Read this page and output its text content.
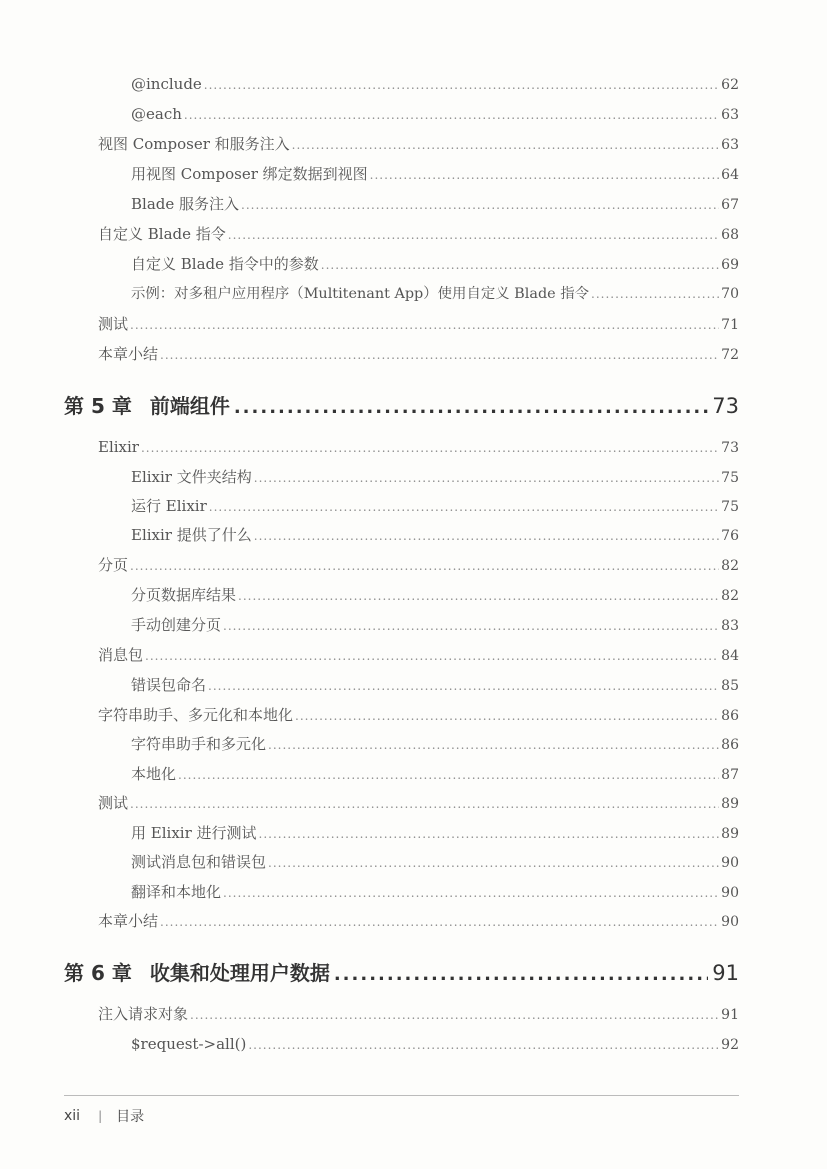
@include .....	62
@each .....	63
视图 Composer 和服务注入 .....	63
用视图 Composer 绑定数据到视图 .....	64
Blade 服务注入 .....	67
自定义 Blade 指令 .....	68
自定义 Blade 指令中的参数 .....	69
示例：对多租户应用程序（Multitenant App）使用自定义 Blade 指令 .....	70
测试 .....	71
本章小结 .....	72
第 5 章 前端组件 .....	73
Elixir .....	73
Elixir 文件夹结构 .....	75
运行 Elixir .....	75
Elixir 提供了什么 .....	76
分页 .....	82
分页数据库结果 .....	82
手动创建分页 .....	83
消息包 .....	84
错误包命名 .....	85
字符串助手、多元化和本地化 .....	86
字符串助手和多元化 .....	86
本地化 .....	87
测试 .....	89
用 Elixir 进行测试 .....	89
测试消息包和错误包 .....	90
翻译和本地化 .....	90
本章小结 .....	90
第 6 章 收集和处理用户数据 .....	91
注入请求对象 .....	91
$request->all() .....	92
xii | 目录
